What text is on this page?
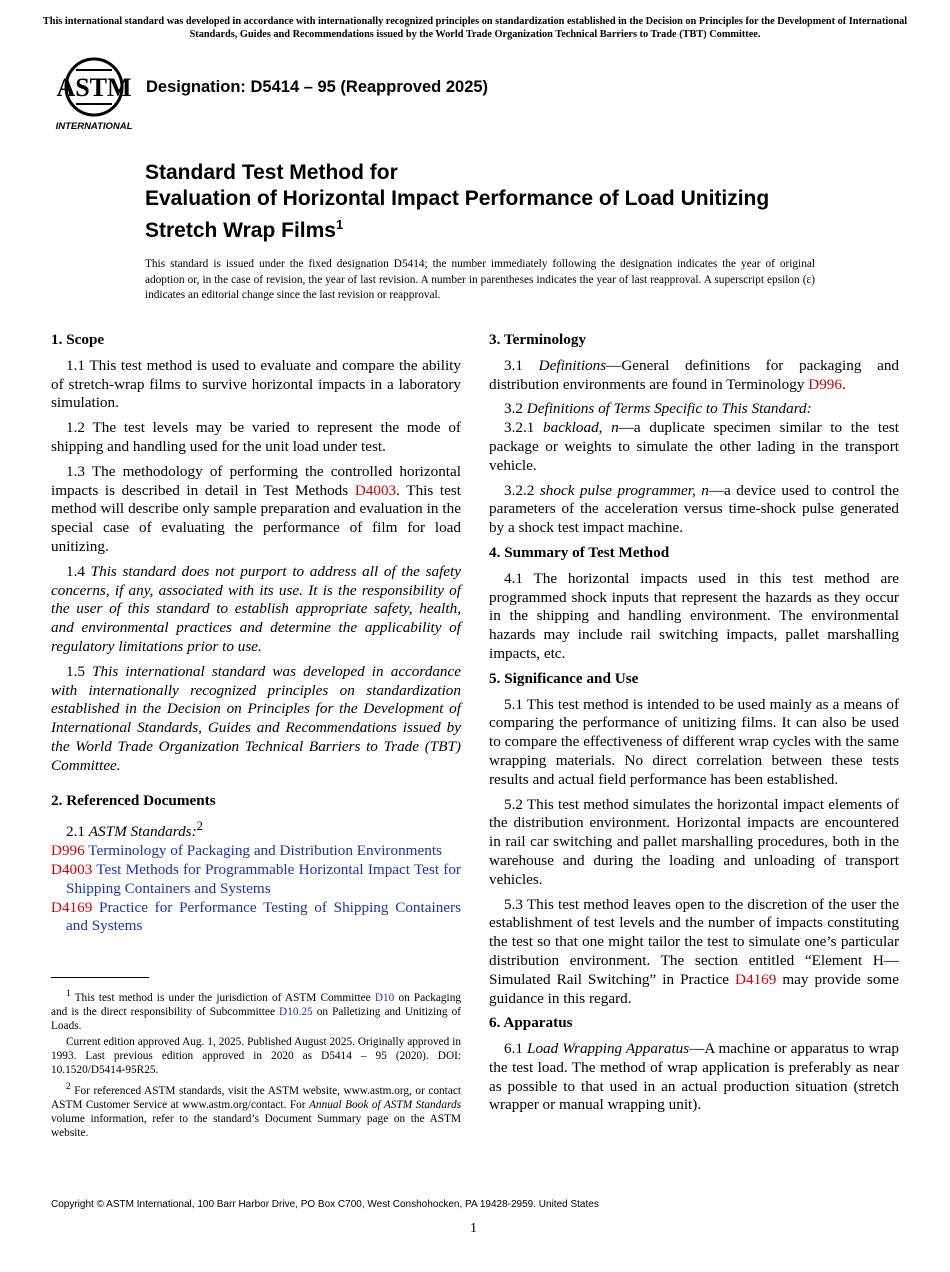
This international standard was developed in accordance with internationally recognized principles on standardization established in the Decision on Principles for the Development of International Standards, Guides and Recommendations issued by the World Trade Organization Technical Barriers to Trade (TBT) Committee.
ASTM
INTERNATIONAL
Designation: D5414 – 95 (Reapproved 2025)
Standard Test Method for
Evaluation of Horizontal Impact Performance of Load Unitizing Stretch Wrap Films$^1$
This standard is issued under the fixed designation D5414; the number immediately following the designation indicates the year of original adoption or, in the case of revision, the year of last revision. A number in parentheses indicates the year of last reapproval. A superscript epsilon (ε) indicates an editorial change since the last revision or reapproval.
1. Scope

1.1 This test method is used to evaluate and compare the ability of stretch-wrap films to survive horizontal impacts in a laboratory simulation.

1.2 The test levels may be varied to represent the mode of shipping and handling used for the unit load under test.

1.3 The methodology of performing the controlled horizontal impacts is described in detail in Test Methods D4003. This test method will describe only sample preparation and evaluation in the special case of evaluating the performance of film for load unitizing.

1.4 This standard does not purport to address all of the safety concerns, if any, associated with its use. It is the responsibility of the user of this standard to establish appropriate safety, health, and environmental practices and determine the applicability of regulatory limitations prior to use.

1.5 This international standard was developed in accordance with internationally recognized principles on standardization established in the Decision on Principles for the Development of International Standards, Guides and Recommendations issued by the World Trade Organization Technical Barriers to Trade (TBT) Committee.

2. Referenced Documents

2.1 ASTM Standards:$^2$

D996 Terminology of Packaging and Distribution Environments

D4003 Test Methods for Programmable Horizontal Impact Test for Shipping Containers and Systems

D4169 Practice for Performance Testing of Shipping Containers and Systems

3. Terminology

3.1 Definitions—General definitions for packaging and distribution environments are found in Terminology D996.

3.2 Definitions of Terms Specific to This Standard:

3.2.1 backload, n—a duplicate specimen similar to the test package or weights to simulate the other lading in the transport vehicle.

3.2.2 shock pulse programmer, n—a device used to control the parameters of the acceleration versus time-shock pulse generated by a shock test impact machine.

4. Summary of Test Method

4.1 The horizontal impacts used in this test method are programmed shock inputs that represent the hazards as they occur in the shipping and handling environment. The environmental hazards may include rail switching impacts, pallet marshalling impacts, etc.

5. Significance and Use

5.1 This test method is intended to be used mainly as a means of comparing the performance of unitizing films. It can also be used to compare the effectiveness of different wrap cycles with the same wrapping materials. No direct correlation between these tests results and actual field performance has been established.

5.2 This test method simulates the horizontal impact elements of the distribution environment. Horizontal impacts are encountered in rail car switching and pallet marshalling procedures, both in the warehouse and during the loading and unloading of transport vehicles.

5.3 This test method leaves open to the discretion of the user the establishment of test levels and the number of impacts constituting the test so that one might tailor the test to simulate one’s particular distribution environment. The section entitled “Element H—Simulated Rail Switching” in Practice D4169 may provide some guidance in this regard.

6. Apparatus

6.1 Load Wrapping Apparatus—A machine or apparatus to wrap the test load. The method of wrap application is preferably as near as possible to that used in an actual production situation (stretch wrapper or manual wrapping unit).

$^1$ This test method is under the jurisdiction of ASTM Committee D10 on Packaging and is the direct responsibility of Subcommittee D10.25 on Palletizing and Unitizing of Loads.

Current edition approved Aug. 1, 2025. Published August 2025. Originally approved in 1993. Last previous edition approved in 2020 as D5414 – 95 (2020). DOI: 10.1520/D5414-95R25.

$^2$ For referenced ASTM standards, visit the ASTM website, www.astm.org, or contact ASTM Customer Service at www.astm.org/contact. For Annual Book of ASTM Standards volume information, refer to the standard’s Document Summary page on the ASTM website.

Copyright © ASTM International, 100 Barr Harbor Drive, PO Box C700, West Conshohocken, PA 19428-2959. United States
1
